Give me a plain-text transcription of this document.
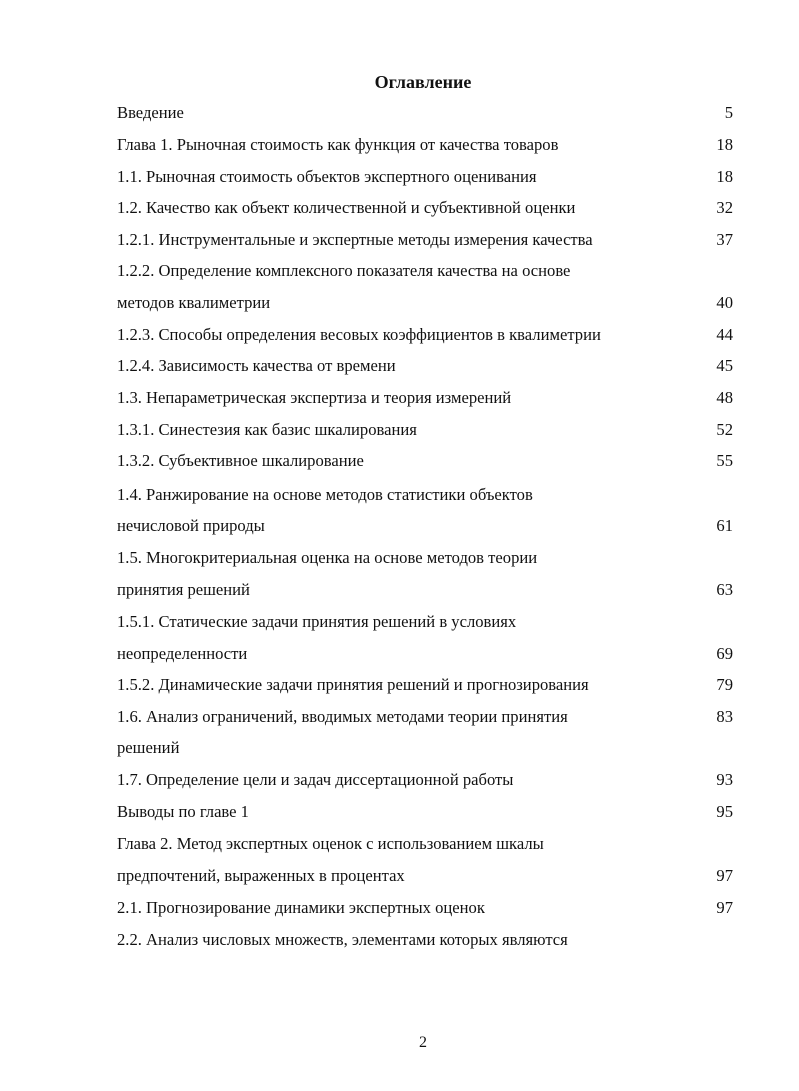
Оглавление
Введение	5
Глава 1. Рыночная стоимость как функция от качества товаров	18
1.1. Рыночная стоимость объектов экспертного оценивания	18
1.2. Качество как объект количественной и субъективной оценки	32
1.2.1. Инструментальные и экспертные методы измерения качества	37
1.2.2. Определение комплексного показателя качества на основе
методов квалиметрии	40
1.2.3. Способы определения весовых коэффициентов в квалиметрии	44
1.2.4. Зависимость качества от времени	45
1.3. Непараметрическая экспертиза и теория измерений	48
1.3.1. Синестезия как базис шкалирования	52
1.3.2. Субъективное шкалирование	55
1.4. Ранжирование на основе методов статистики объектов
нечисловой природы	61
1.5. Многокритериальная оценка на основе методов теории
принятия решений	63
1.5.1. Статические задачи принятия решений в условиях
неопределенности	69
1.5.2. Динамические задачи принятия решений и прогнозирования	79
1.6. Анализ ограничений, вводимых методами теории принятия	83
решений
1.7. Определение цели и задач диссертационной работы	93
Выводы по главе 1	95
Глава 2. Метод экспертных оценок с использованием шкалы
предпочтений, выраженных в процентах	97
2.1. Прогнозирование динамики экспертных оценок	97
2.2. Анализ числовых множеств, элементами которых являются
2
